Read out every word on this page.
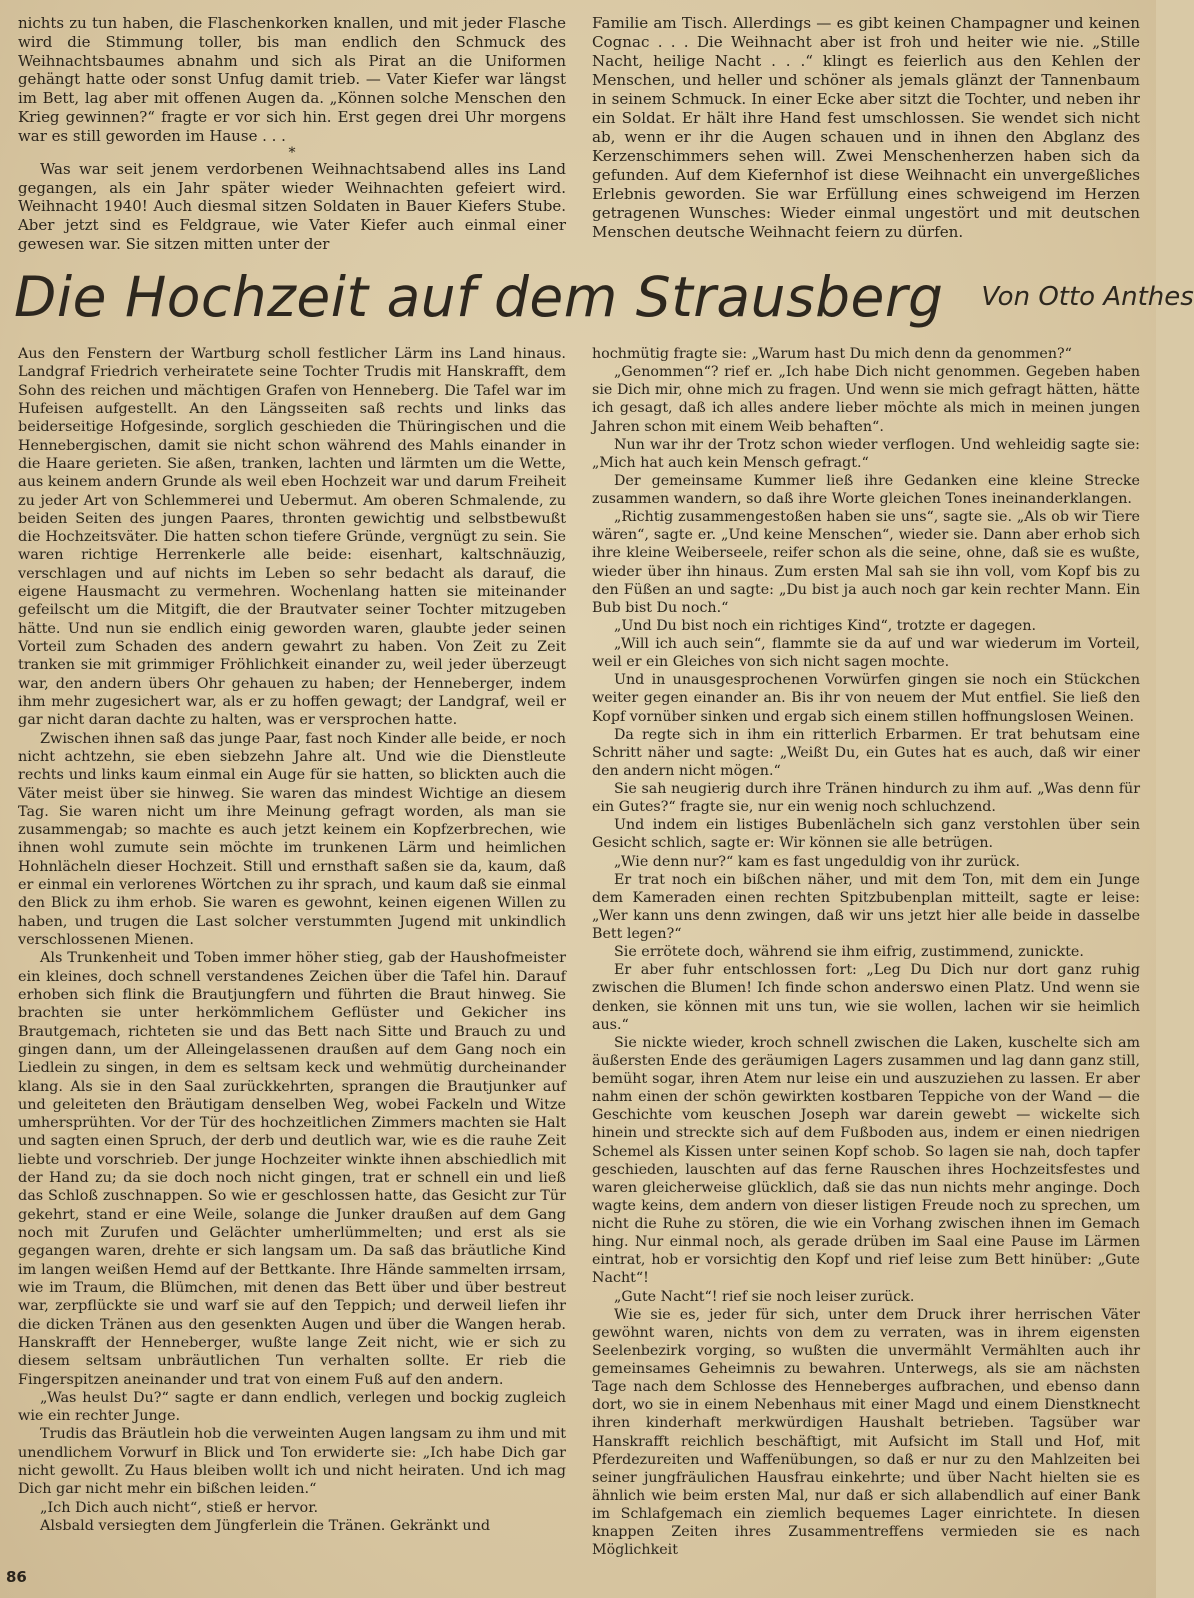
nichts zu tun haben, die Flaschenkorken knallen, und mit jeder Flasche wird die Stimmung toller, bis man endlich den Schmuck des Weihnachtsbaumes abnahm und sich als Pirat an die Uniformen gehängt hatte oder sonst Unfug damit trieb. — Vater Kiefer war längst im Bett, lag aber mit offenen Augen da. „Können solche Menschen den Krieg gewinnen?“ fragte er vor sich hin. Erst gegen drei Uhr morgens war es still geworden im Hause . . .

*

Was war seit jenem verdorbenen Weihnachtsabend alles ins Land gegangen, als ein Jahr später wieder Weihnachten gefeiert wird. Weihnacht 1940! Auch diesmal sitzen Soldaten in Bauer Kiefers Stube. Aber jetzt sind es Feldgraue, wie Vater Kiefer auch einmal einer gewesen war. Sie sitzen mitten unter der

Familie am Tisch. Allerdings — es gibt keinen Champagner und keinen Cognac . . . Die Weihnacht aber ist froh und heiter wie nie. „Stille Nacht, heilige Nacht . . .“ klingt es feierlich aus den Kehlen der Menschen, und heller und schöner als jemals glänzt der Tannenbaum in seinem Schmuck. In einer Ecke aber sitzt die Tochter, und neben ihr ein Soldat. Er hält ihre Hand fest umschlossen. Sie wendet sich nicht ab, wenn er ihr die Augen schauen und in ihnen den Abglanz des Kerzenschimmers sehen will. Zwei Menschenherzen haben sich da gefunden. Auf dem Kiefernhof ist diese Weihnacht ein unvergeßliches Erlebnis geworden. Sie war Erfüllung eines schweigend im Herzen getragenen Wunsches: Wieder einmal ungestört und mit deutschen Menschen deutsche Weihnacht feiern zu dürfen.

Die Hochzeit auf dem Strausberg Von Otto Anthes

Aus den Fenstern der Wartburg scholl festlicher Lärm ins Land hinaus. Landgraf Friedrich verheiratete seine Tochter Trudis mit Hanskrafft, dem Sohn des reichen und mächtigen Grafen von Henneberg. Die Tafel war im Hufeisen aufgestellt. An den Längsseiten saß rechts und links das beiderseitige Hofgesinde, sorglich geschieden die Thüringischen und die Hennebergischen, damit sie nicht schon während des Mahls einander in die Haare gerieten. Sie aßen, tranken, lachten und lärmten um die Wette, aus keinem andern Grunde als weil eben Hochzeit war und darum Freiheit zu jeder Art von Schlemmerei und Uebermut. Am oberen Schmalende, zu beiden Seiten des jungen Paares, thronten gewichtig und selbstbewußt die Hochzeitsväter. Die hatten schon tiefere Gründe, vergnügt zu sein. Sie waren richtige Herrenkerle alle beide: eisenhart, kaltschnäuzig, verschlagen und auf nichts im Leben so sehr bedacht als darauf, die eigene Hausmacht zu vermehren. Wochenlang hatten sie miteinander gefeilscht um die Mitgift, die der Brautvater seiner Tochter mitzugeben hätte. Und nun sie endlich einig geworden waren, glaubte jeder seinen Vorteil zum Schaden des andern gewahrt zu haben. Von Zeit zu Zeit tranken sie mit grimmiger Fröhlichkeit einander zu, weil jeder überzeugt war, den andern übers Ohr gehauen zu haben; der Henneberger, indem ihm mehr zugesichert war, als er zu hoffen gewagt; der Landgraf, weil er gar nicht daran dachte zu halten, was er versprochen hatte.

Zwischen ihnen saß das junge Paar, fast noch Kinder alle beide, er noch nicht achtzehn, sie eben siebzehn Jahre alt. Und wie die Dienstleute rechts und links kaum einmal ein Auge für sie hatten, so blickten auch die Väter meist über sie hinweg. Sie waren das mindest Wichtige an diesem Tag. Sie waren nicht um ihre Meinung gefragt worden, als man sie zusammengab; so machte es auch jetzt keinem ein Kopfzerbrechen, wie ihnen wohl zumute sein möchte im trunkenen Lärm und heimlichen Hohnlächeln dieser Hochzeit. Still und ernsthaft saßen sie da, kaum, daß er einmal ein verlorenes Wörtchen zu ihr sprach, und kaum daß sie einmal den Blick zu ihm erhob. Sie waren es gewohnt, keinen eigenen Willen zu haben, und trugen die Last solcher verstummten Jugend mit unkindlich verschlossenen Mienen.

Als Trunkenheit und Toben immer höher stieg, gab der Haushofmeister ein kleines, doch schnell verstandenes Zeichen über die Tafel hin. Darauf erhoben sich flink die Brautjungfern und führten die Braut hinweg. Sie brachten sie unter herkömmlichem Geflüster und Gekicher ins Brautgemach, richteten sie und das Bett nach Sitte und Brauch zu und gingen dann, um der Alleingelassenen draußen auf dem Gang noch ein Liedlein zu singen, in dem es seltsam keck und wehmütig durcheinander klang. Als sie in den Saal zurückkehrten, sprangen die Brautjunker auf und geleiteten den Bräutigam denselben Weg, wobei Fackeln und Witze umhersprühten. Vor der Tür des hochzeitlichen Zimmers machten sie Halt und sagten einen Spruch, der derb und deutlich war, wie es die rauhe Zeit liebte und vorschrieb. Der junge Hochzeiter winkte ihnen abschiedlich mit der Hand zu; da sie doch noch nicht gingen, trat er schnell ein und ließ das Schloß zuschnappen. So wie er geschlossen hatte, das Gesicht zur Tür gekehrt, stand er eine Weile, solange die Junker draußen auf dem Gang noch mit Zurufen und Gelächter umherlümmelten; und erst als sie gegangen waren, drehte er sich langsam um. Da saß das bräutliche Kind im langen weißen Hemd auf der Bettkante. Ihre Hände sammelten irrsam, wie im Traum, die Blümchen, mit denen das Bett über und über bestreut war, zerpflückte sie und warf sie auf den Teppich; und derweil liefen ihr die dicken Tränen aus den gesenkten Augen und über die Wangen herab. Hanskrafft der Henneberger, wußte lange Zeit nicht, wie er sich zu diesem seltsam unbräutlichen Tun verhalten sollte. Er rieb die Fingerspitzen aneinander und trat von einem Fuß auf den andern.

„Was heulst Du?“ sagte er dann endlich, verlegen und bockig zugleich wie ein rechter Junge.

Trudis das Bräutlein hob die verweinten Augen langsam zu ihm und mit unendlichem Vorwurf in Blick und Ton erwiderte sie: „Ich habe Dich gar nicht gewollt. Zu Haus bleiben wollt ich und nicht heiraten. Und ich mag Dich gar nicht mehr ein bißchen leiden.“

„Ich Dich auch nicht“, stieß er hervor.

Alsbald versiegten dem Jüngferlein die Tränen. Gekränkt und

hochmütig fragte sie: „Warum hast Du mich denn da genommen?“

„Genommen“? rief er. „Ich habe Dich nicht genommen. Gegeben haben sie Dich mir, ohne mich zu fragen. Und wenn sie mich gefragt hätten, hätte ich gesagt, daß ich alles andere lieber möchte als mich in meinen jungen Jahren schon mit einem Weib behaften“.

Nun war ihr der Trotz schon wieder verflogen. Und wehleidig sagte sie: „Mich hat auch kein Mensch gefragt.“

Der gemeinsame Kummer ließ ihre Gedanken eine kleine Strecke zusammen wandern, so daß ihre Worte gleichen Tones ineinanderklangen.

„Richtig zusammengestoßen haben sie uns“, sagte sie. „Als ob wir Tiere wären“, sagte er. „Und keine Menschen“, wieder sie. Dann aber erhob sich ihre kleine Weiberseele, reifer schon als die seine, ohne, daß sie es wußte, wieder über ihn hinaus. Zum ersten Mal sah sie ihn voll, vom Kopf bis zu den Füßen an und sagte: „Du bist ja auch noch gar kein rechter Mann. Ein Bub bist Du noch.“

„Und Du bist noch ein richtiges Kind“, trotzte er dagegen.

„Will ich auch sein“, flammte sie da auf und war wiederum im Vorteil, weil er ein Gleiches von sich nicht sagen mochte.

Und in unausgesprochenen Vorwürfen gingen sie noch ein Stückchen weiter gegen einander an. Bis ihr von neuem der Mut entfiel. Sie ließ den Kopf vornüber sinken und ergab sich einem stillen hoffnungslosen Weinen.

Da regte sich in ihm ein ritterlich Erbarmen. Er trat behutsam eine Schritt näher und sagte: „Weißt Du, ein Gutes hat es auch, daß wir einer den andern nicht mögen.“

Sie sah neugierig durch ihre Tränen hindurch zu ihm auf. „Was denn für ein Gutes?“ fragte sie, nur ein wenig noch schluchzend.

Und indem ein listiges Bubenlächeln sich ganz verstohlen über sein Gesicht schlich, sagte er: Wir können sie alle betrügen.

„Wie denn nur?“ kam es fast ungeduldig von ihr zurück.

Er trat noch ein bißchen näher, und mit dem Ton, mit dem ein Junge dem Kameraden einen rechten Spitzbubenplan mitteilt, sagte er leise: „Wer kann uns denn zwingen, daß wir uns jetzt hier alle beide in dasselbe Bett legen?“

Sie errötete doch, während sie ihm eifrig, zustimmend, zunickte.

Er aber fuhr entschlossen fort: „Leg Du Dich nur dort ganz ruhig zwischen die Blumen! Ich finde schon anderswo einen Platz. Und wenn sie denken, sie können mit uns tun, wie sie wollen, lachen wir sie heimlich aus.“

Sie nickte wieder, kroch schnell zwischen die Laken, kuschelte sich am äußersten Ende des geräumigen Lagers zusammen und lag dann ganz still, bemüht sogar, ihren Atem nur leise ein und auszuziehen zu lassen. Er aber nahm einen der schön gewirkten kostbaren Teppiche von der Wand — die Geschichte vom keuschen Joseph war darein gewebt — wickelte sich hinein und streckte sich auf dem Fußboden aus, indem er einen niedrigen Schemel als Kissen unter seinen Kopf schob. So lagen sie nah, doch tapfer geschieden, lauschten auf das ferne Rauschen ihres Hochzeitsfestes und waren gleicherweise glücklich, daß sie das nun nichts mehr anginge. Doch wagte keins, dem andern von dieser listigen Freude noch zu sprechen, um nicht die Ruhe zu stören, die wie ein Vorhang zwischen ihnen im Gemach hing. Nur einmal noch, als gerade drüben im Saal eine Pause im Lärmen eintrat, hob er vorsichtig den Kopf und rief leise zum Bett hinüber: „Gute Nacht“!

„Gute Nacht“! rief sie noch leiser zurück.

Wie sie es, jeder für sich, unter dem Druck ihrer herrischen Väter gewöhnt waren, nichts von dem zu verraten, was in ihrem eigensten Seelenbezirk vorging, so wußten die unvermählt Vermählten auch ihr gemeinsames Geheimnis zu bewahren. Unterwegs, als sie am nächsten Tage nach dem Schlosse des Henneberges aufbrachen, und ebenso dann dort, wo sie in einem Nebenhaus mit einer Magd und einem Dienstknecht ihren kinderhaft merkwürdigen Haushalt betrieben. Tagsüber war Hanskrafft reichlich beschäftigt, mit Aufsicht im Stall und Hof, mit Pferdezureiten und Waffenübungen, so daß er nur zu den Mahlzeiten bei seiner jungfräulichen Hausfrau einkehrte; und über Nacht hielten sie es ähnlich wie beim ersten Mal, nur daß er sich allabendlich auf einer Bank im Schlafgemach ein ziemlich bequemes Lager einrichtete. In diesen knappen Zeiten ihres Zusammentreffens vermieden sie es nach Möglichkeit

86
